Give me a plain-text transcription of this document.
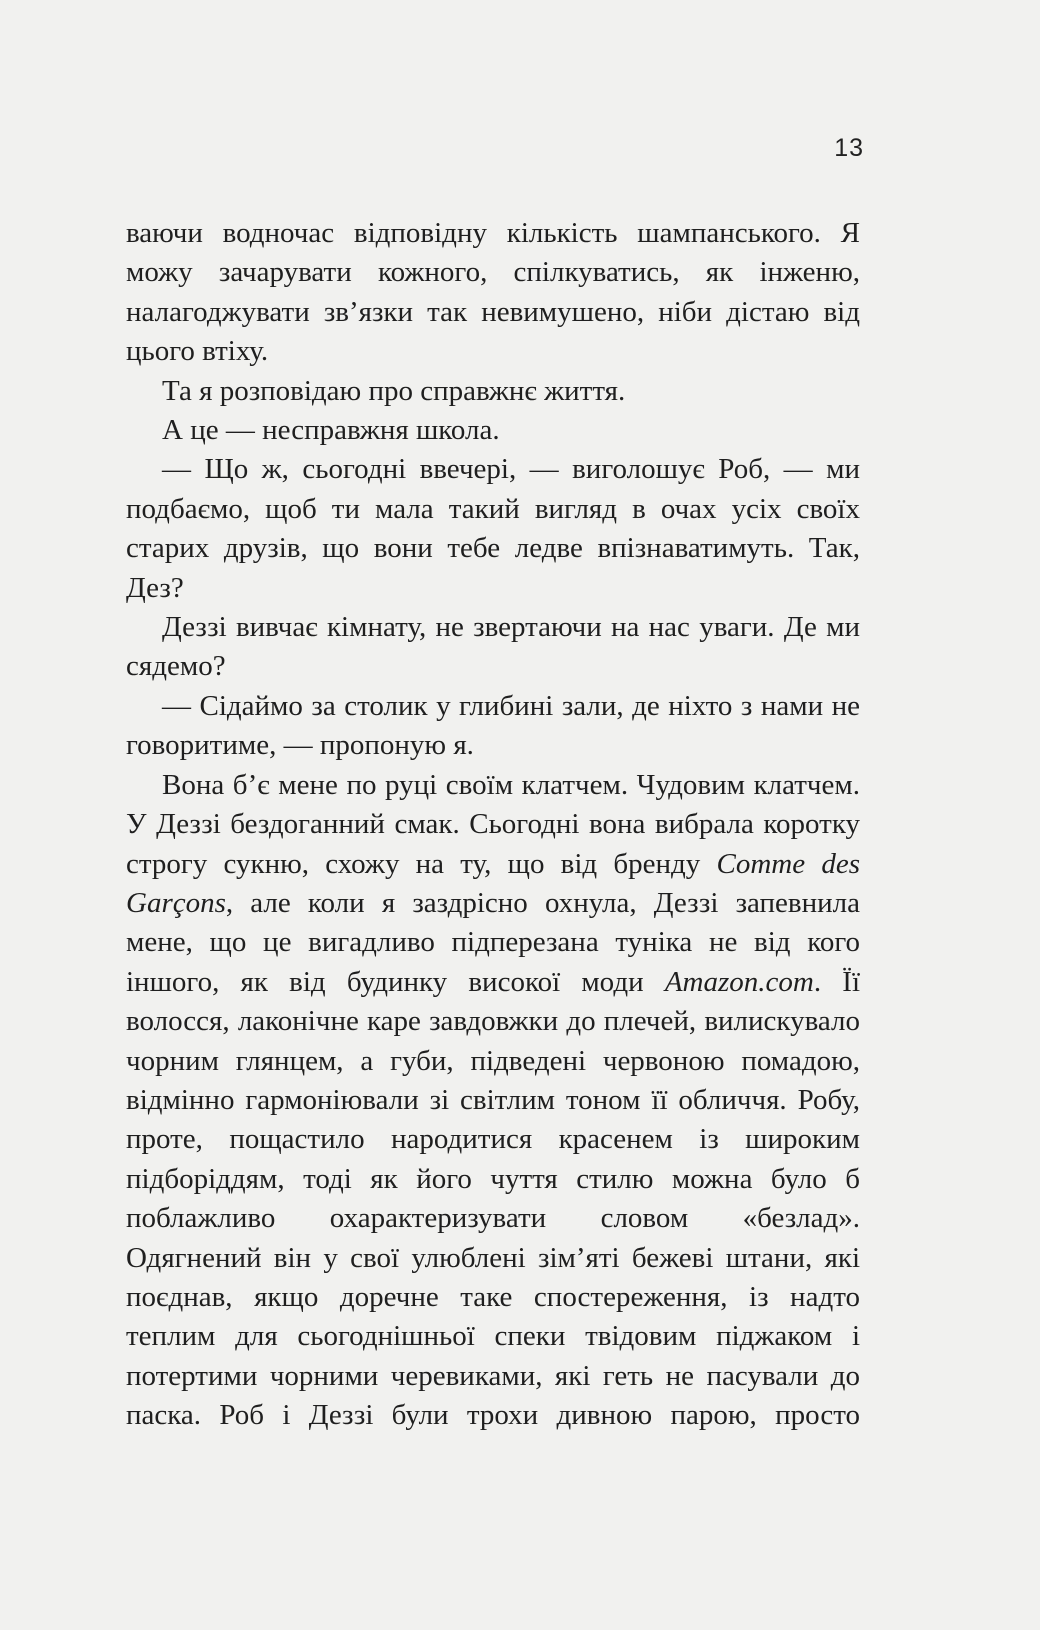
13

ваючи водночас відповідну кількість шампанського. Я можу зачарувати кожного, спілкуватись, як інженю, налагоджувати зв’язки так невимушено, ніби дістаю від цього втіху.

Та я розповідаю про справжнє життя.

А це — несправжня школа.

— Що ж, сьогодні ввечері, — виголошує Роб, — ми подбаємо, щоб ти мала такий вигляд в очах усіх своїх старих друзів, що вони тебе ледве впізнаватимуть. Так, Дез?

Деззі вивчає кімнату, не звертаючи на нас уваги. Де ми сядемо?

— Сідаймо за столик у глибині зали, де ніхто з нами не говоритиме, — пропоную я.

Вона б’є мене по руці своїм клатчем. Чудовим клатчем. У Деззі бездоганний смак. Сьогодні вона вибрала коротку строгу сукню, схожу на ту, що від бренду Comme des Garçons, але коли я заздрісно охнула, Деззі запевнила мене, що це вигадливо підперезана туніка не від кого іншого, як від будинку високої моди Amazon.com. Її волосся, лаконічне каре завдовжки до плечей, вилискувало чорним глянцем, а губи, підведені червоною помадою, відмінно гармоніювали зі світлим тоном її обличчя. Робу, проте, пощастило народитися красенем із широким підборіддям, тоді як його чуття стилю можна було б поблажливо охарактеризувати словом «безлад». Одягнений він у свої улюблені зім’яті бежеві штани, які поєднав, якщо доречне таке спостереження, із надто теплим для сьогоднішньої спеки твідовим піджаком і потертими чорними черевиками, які геть не пасували до паска. Роб і Деззі були трохи дивною парою, просто
